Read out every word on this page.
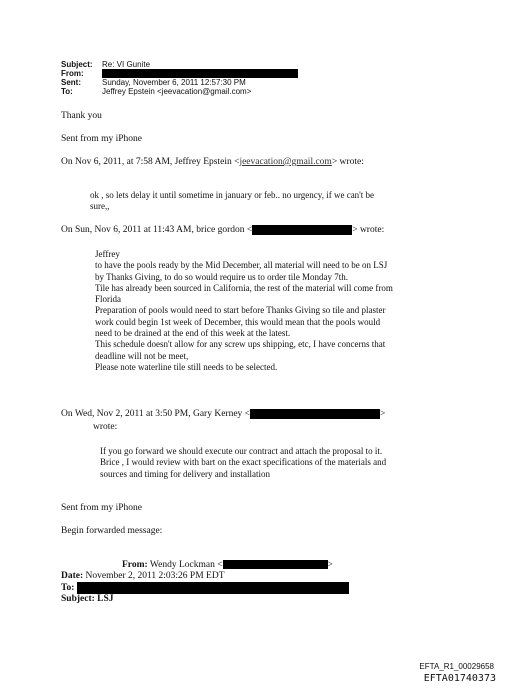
Subject: Re: VI Gunite
From:
Sent:	Sunday, November 6, 2011 12:57:30 PM
To:	Jeffrey Epstein <jeevacation@gmail.com>
Thank you
Sent from my iPhone
On Nov 6, 2011, at 7:58 AM, Jeffrey Epstein <jeevacation@gmail.com> wrote:
ok , so lets delay it until sometime in january or feb.. no urgency, if we can't be
sure,,
On Sun, Nov 6, 2011 at 11:43 AM, brice gordon <	> wrote:
Jeffrey
to have the pools ready by the Mid December, all material will need to be on LSJ
by Thanks Giving, to do so would require us to order tile Monday 7th.
Tile has already been sourced in California, the rest of the material will come from
Florida
Preparation of pools would need to start before Thanks Giving so tile and plaster
work could begin 1st week of December, this would mean that the pools would
need to be drained at the end of this week at the latest.
This schedule doesn't allow for any screw ups shipping, etc, I have concerns that
deadline will not be meet,
Please note waterline tile still needs to be selected.
On Wed, Nov 2, 2011 at 3:50 PM, Gary Kerney <	>
wrote:
If you go forward we should execute our contract and attach the proposal to it.
Brice , I would review with bart on the exact specifications of the materials and
sources and timing for delivery and installation
Sent from my iPhone
Begin forwarded message:
From: Wendy Lockman <	>
Date: November 2, 2011 2:03:26 PM EDT
To:
Subject: LSJ
EFTA_R1_00029658
EFTA01740373
